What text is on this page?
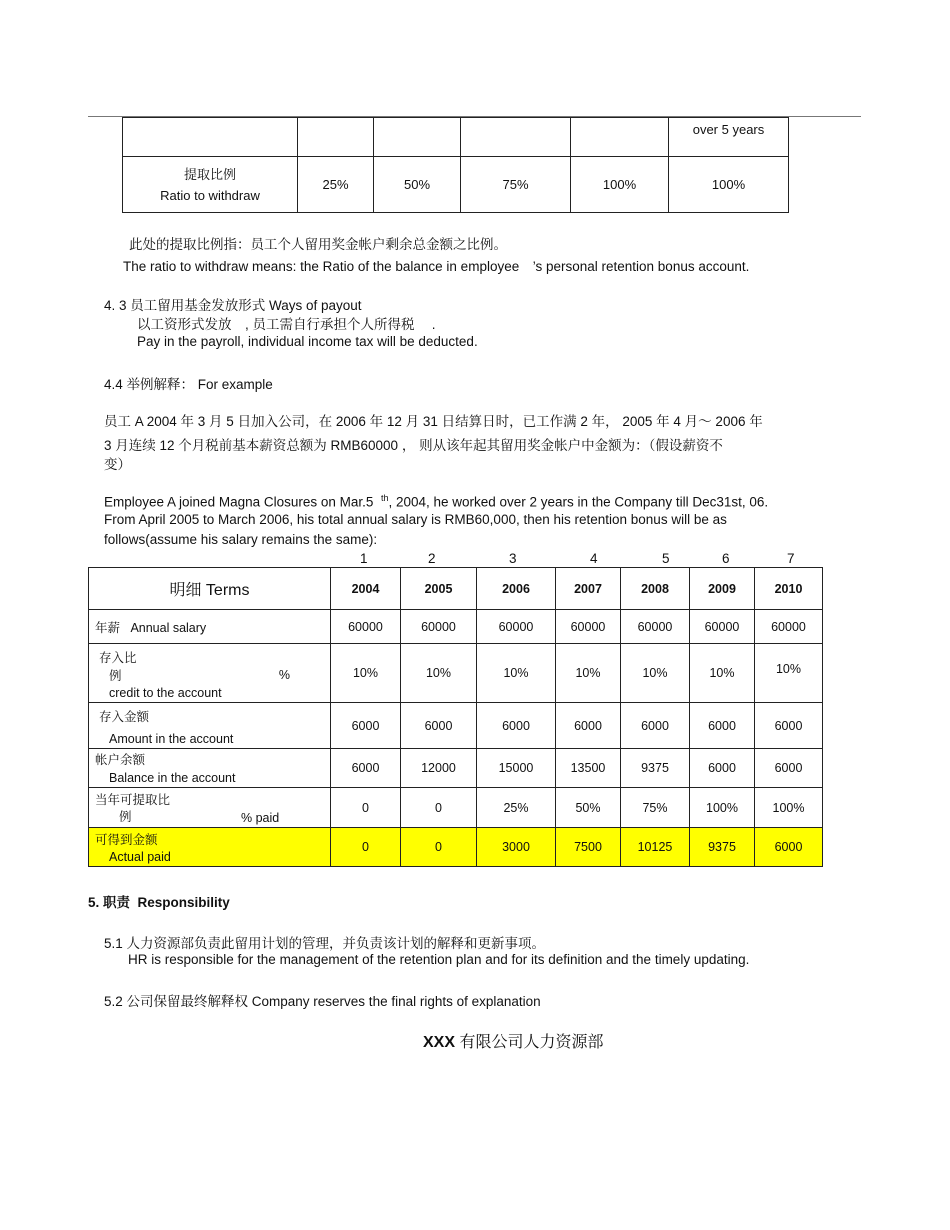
					over 5 years
提取比例
Ratio to withdraw	25%	50%	75%	100%	100%
此处的提取比例指：员工个人留用奖金帐户剩余总金额之比例。
The ratio to withdraw means: the Ratio of the balance in employee　’s personal retention bonus account.
4. 3 员工留用基金发放形式 Ways of payout
以工资形式发放　, 员工需自行承担个人所得税　 .
Pay in the payroll, individual income tax will be deducted.
4.4 举例解释： For example
员工 A 2004 年 3 月 5 日加入公司，在 2006 年 12 月 31 日结算日时，已工作满 2 年， 2005 年 4 月～ 2006 年
3 月连续 12 个月税前基本薪资总额为 RMB60000 ， 则从该年起其留用奖金帐户中金额为：（假设薪资不
变）
Employee A joined Magna Closures on Mar.5 $^{th}$, 2004, he worked over 2 years in the Company till Dec31st, 06.
From April 2005 to March 2006, his total annual salary is RMB60,000, then his retention bonus will be as
follows(assume his salary remains the same):
1	2	3	4	5	6	7
明细 Terms	2004	2005	2006	2007	2008	2009	2010
年薪 Annual salary	60000	60000	60000	60000	60000	60000	60000

存入比
例 %
credit to the account	10%	10%	10%	10%	10%	10%	10%

存入金额
Amount in the account	6000	6000	6000	6000	6000	6000	6000

帐户余额
Balance in the account	6000	12000	15000	13500	9375	6000	6000

当年可提取比
例 % paid	0	0	25%	50%	75%	100%	100%

可得到金额
Actual paid	0	0	3000	7500	10125	9375	6000
5. 职责 Responsibility
5.1 人力资源部负责此留用计划的管理，并负责该计划的解释和更新事项。
HR is responsible for the management of the retention plan and for its definition and the timely updating.
5.2 公司保留最终解释权 Company reserves the final rights of explanation
XXX 有限公司人力资源部
